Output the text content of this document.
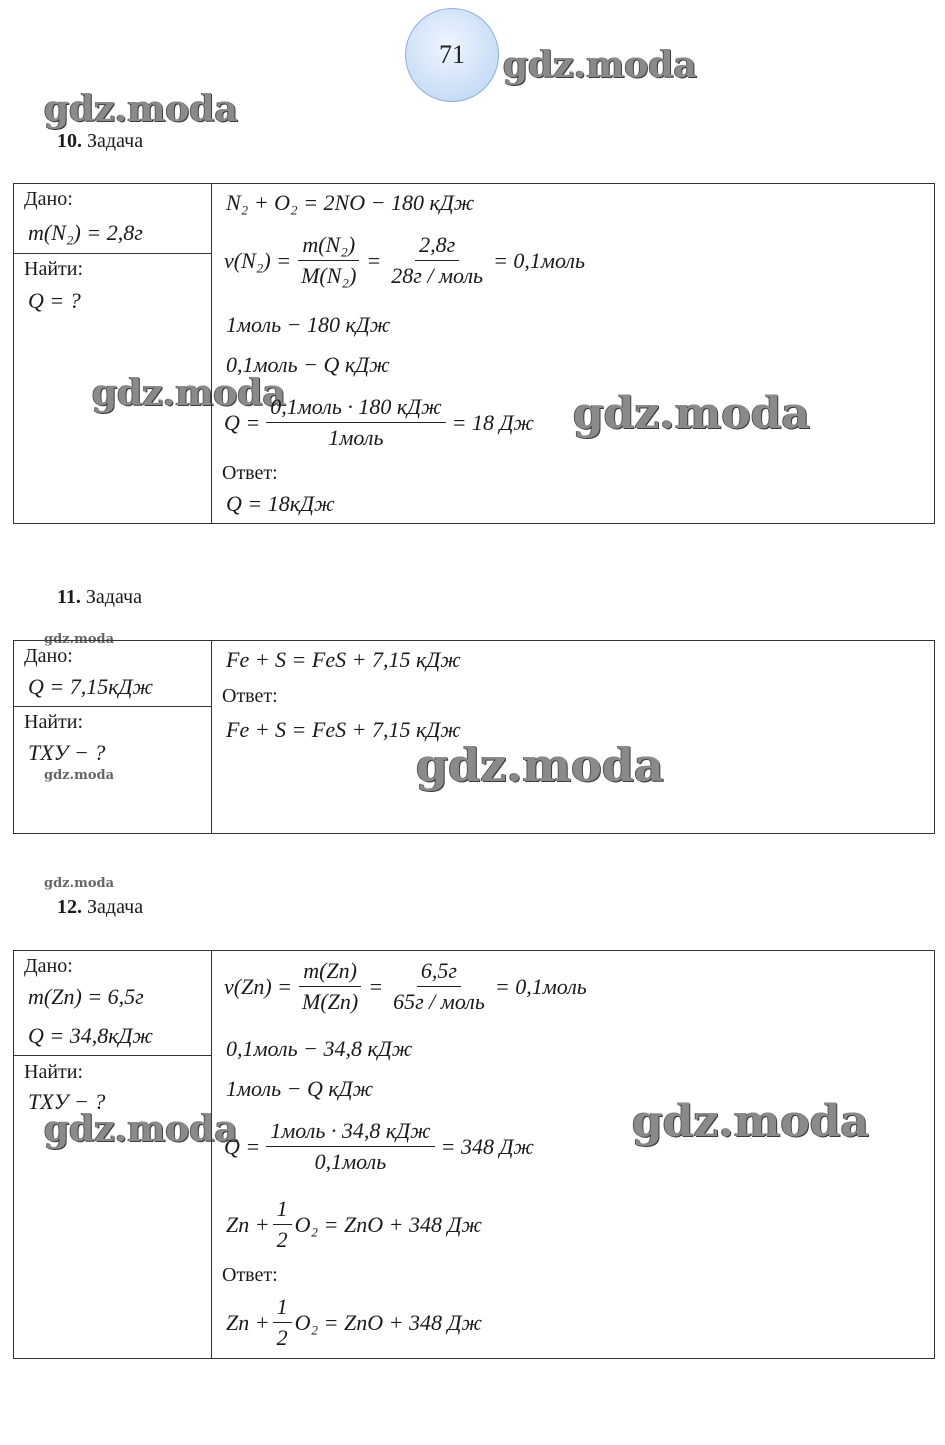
71	gdz.moda
gdz.moda
gdz.moda	gdz.moda
gdz.moda
gdz.moda	gdz.moda
gdz.moda
gdz.moda	gdz.moda
10. Задача
Дано:
m(N₂) = 2,8г
Найти:
Q = ?
N₂ + O₂ = 2NO − 180 кДж
$\nu(N_2) = \frac{\text{m(N₂)}}{\text{M(N₂)}} = \frac{2,8г}{\text{28г / моль}}$ = 0,1моль
1моль − 180 кДж
0,1моль − Q кДж
$Q = \frac{\text{0,1моль · 180 кДж}}{\text{1моль}} = 18$ Дж
Ответ:
Q = 18кДж
11. Задача
Дано:
Q = 7,15кДж
Найти:
ТХУ − ?
Fe + S = FeS + 7,15 кДж
Ответ:
Fe + S = FeS + 7,15 кДж
12. Задача
Дано:
m(Zn) = 6,5г
Q = 34,8кДж
Найти:
ТХУ − ?
$\nu(Zn) = \frac{m(Zn)}{M(Zn)} = \frac{6,5г}{\text{65г / моль}}$ = 0,1моль
0,1моль − 34,8 кДж
1моль − Q кДж
$Q = \frac{\text{1моль · 34,8 кДж}}{\text{0,1моль}} = 348$ Дж
$Zn + \frac{1}{2} O_2$ = ZnO + 348 Дж
Ответ:
$Zn + \frac{1}{2} O_2$ = ZnO + 348 Дж
